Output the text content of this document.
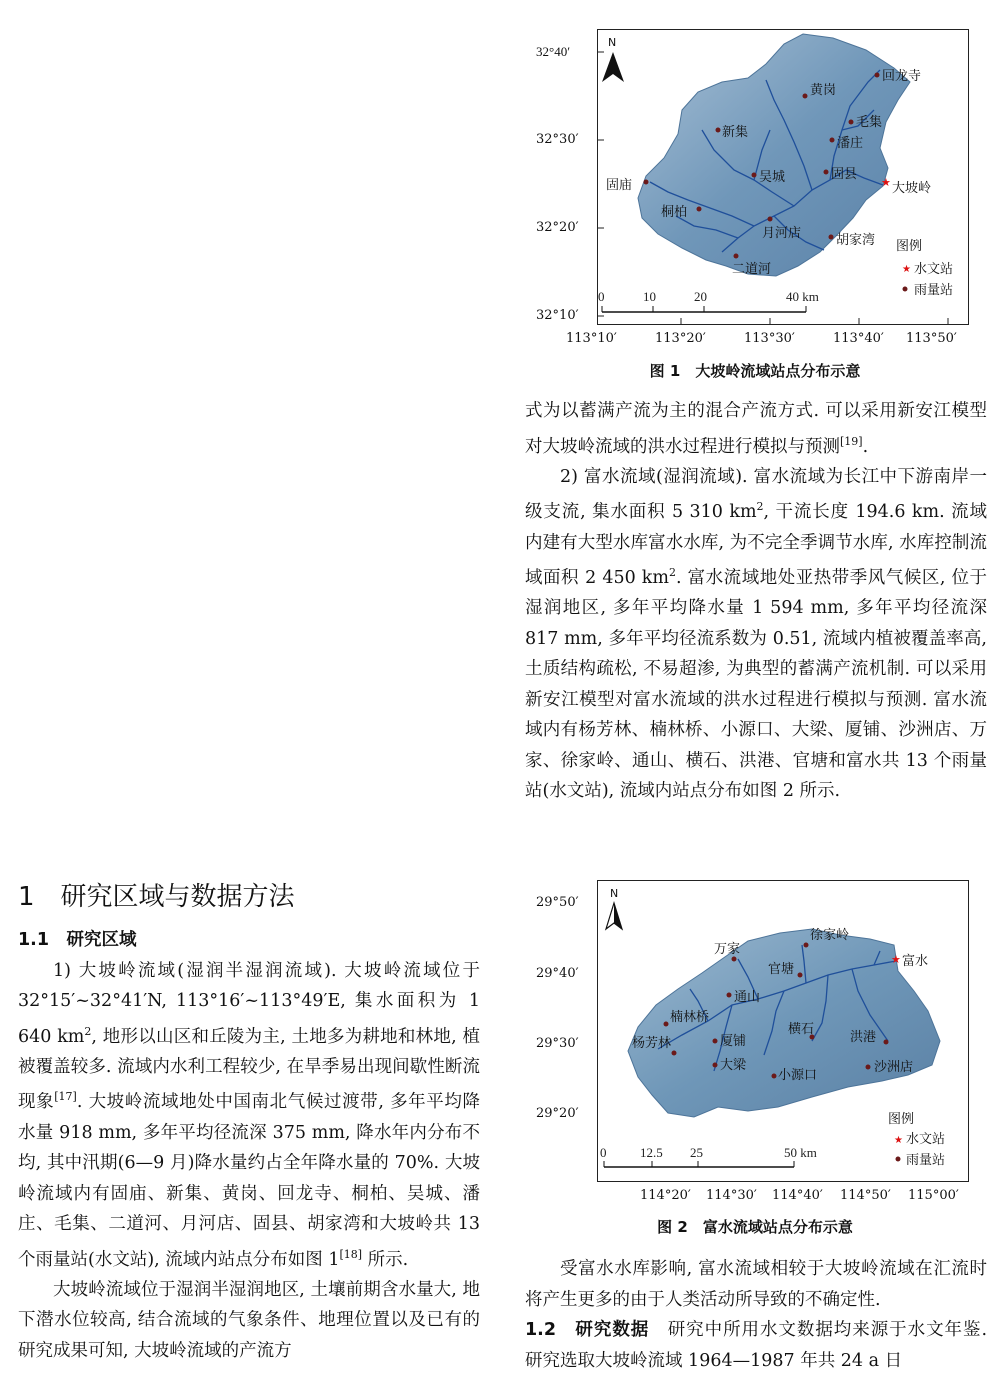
N
0	10	20	40 km
回龙寺
黄岗
毛集
新集
潘庄
吴城	固县
★ 大坡岭
固庙
桐柏
月河店	胡家湾
二道河
图例
★ 水文站
雨量站
32°40′
32°30′
32°20′
32°10′
113°10′	113°20′	113°30′	113°40′ 113°50′
图 1　大坡岭流域站点分布示意

式为以蓄满产流为主的混合产流方式. 可以采用新安江模型对大坡岭流域的洪水过程进行模拟与预测[19].

2) 富水流域(湿润流域). 富水流域为长江中下游南岸一级支流, 集水面积 5 310 $km^2$, 干流长度 194.6 km. 流域内建有大型水库富水水库, 为不完全季调节水库, 水库控制流域面积 2 450 $km^2$. 富水流域地处亚热带季风气候区, 位于湿润地区, 多年平均降水量 1 594 mm, 多年平均径流深 817 mm, 多年平均径流系数为 0.51, 流域内植被覆盖率高, 土质结构疏松, 不易超渗, 为典型的蓄满产流机制. 可以采用新安江模型对富水流域的洪水过程进行模拟与预测. 富水流域内有杨芳林、楠林桥、小源口、大梁、厦铺、沙洲店、万家、徐家岭、通山、横石、洪港、官塘和富水共 13 个雨量站(水文站), 流域内站点分布如图 2 所示.

N
0	12.5 25	50 km
徐家岭
万家
★ 富水
官塘
通山
楠林桥
横石
洪港
杨芳林	厦铺
大梁
小源口
沙洲店
图例
★ 水文站
雨量站
29°50′
29°40′
29°30′
29°20′
114°20′ 114°30′ 114°40′ 114°50′ 115°00′
图 2　富水流域站点分布示意

受富水水库影响, 富水流域相较于大坡岭流域在汇流时将产生更多的由于人类活动所导致的不确定性.

1.2　研究数据　 研究中所用水文数据均来源于水文年鉴. 研究选取大坡岭流域 1964—1987 年共 24 a 日

1　研究区域与数据方法

1.1　研究区域

1) 大坡岭流域(湿润半湿润流域). 大坡岭流域位于 32°15′~32°41′N, 113°16′~113°49′E, 集水面积为 1 640 $km^2$, 地形以山区和丘陵为主, 土地多为耕地和林地, 植被覆盖较多. 流域内水利工程较少, 在旱季易出现间歇性断流现象[17]. 大坡岭流域地处中国南北气候过渡带, 多年平均降水量 918 mm, 多年平均径流深 375 mm, 降水年内分布不均, 其中汛期(6—9 月)降水量约占全年降水量的 70%. 大坡岭流域内有固庙、新集、黄岗、回龙寺、桐柏、吴城、潘庄、毛集、二道河、月河店、固县、胡家湾和大坡岭共 13 个雨量站(水文站), 流域内站点分布如图 1[18] 所示.

大坡岭流域位于湿润半湿润地区, 土壤前期含水量大, 地下潜水位较高, 结合流域的气象条件、地理位置以及已有的研究成果可知, 大坡岭流域的产流方
